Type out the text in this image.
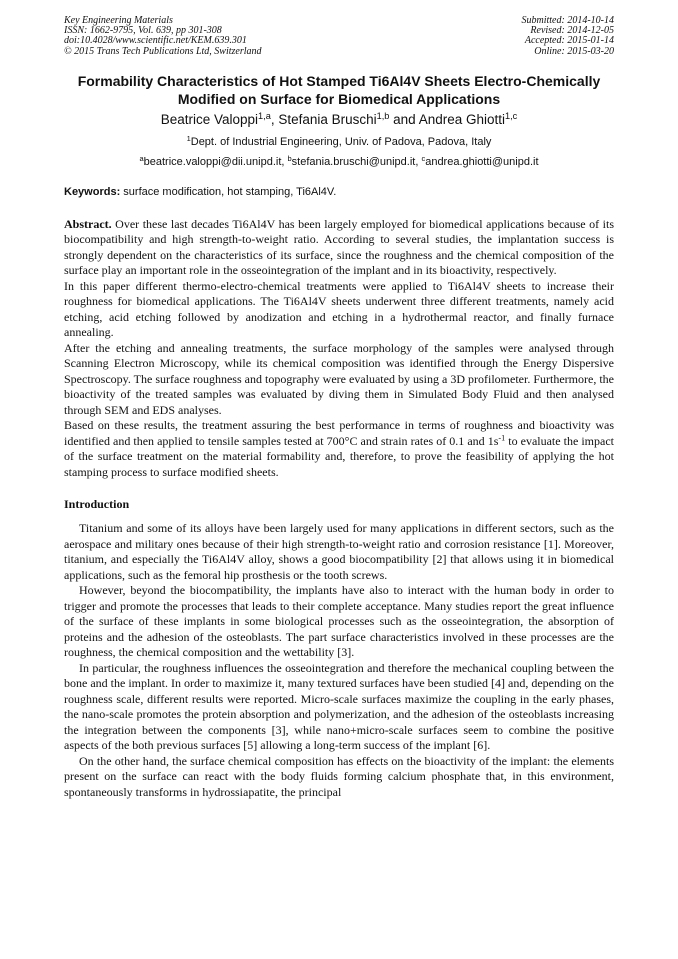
Key Engineering Materials
ISSN: 1662-9795, Vol. 639, pp 301-308
doi:10.4028/www.scientific.net/KEM.639.301
© 2015 Trans Tech Publications Ltd, Switzerland
Submitted: 2014-10-14
Revised: 2014-12-05
Accepted: 2015-01-14
Online: 2015-03-20
Formability Characteristics of Hot Stamped Ti6Al4V Sheets Electro-Chemically Modified on Surface for Biomedical Applications
Beatrice Valoppi$^{1,a}$, Stefania Bruschi$^{1,b}$ and Andrea Ghiotti$^{1,c}$
$^1$Dept. of Industrial Engineering, Univ. of Padova, Padova, Italy
$^a$beatrice.valoppi@dii.unipd.it, $^b$stefania.bruschi@unipd.it, $^c$andrea.ghiotti@unipd.it
Keywords: surface modification, hot stamping, Ti6Al4V.

Abstract. Over these last decades Ti6Al4V has been largely employed for biomedical applications because of its biocompatibility and high strength-to-weight ratio. According to several studies, the implantation success is strongly dependent on the characteristics of its surface, since the roughness and the chemical composition of the surface play an important role in the osseointegration of the implant and in its bioactivity, respectively.

In this paper different thermo-electro-chemical treatments were applied to Ti6Al4V sheets to increase their roughness for biomedical applications. The Ti6Al4V sheets underwent three different treatments, namely acid etching, acid etching followed by anodization and etching in a hydrothermal reactor, and finally furnace annealing.

After the etching and annealing treatments, the surface morphology of the samples were analysed through Scanning Electron Microscopy, while its chemical composition was identified through the Energy Dispersive Spectroscopy. The surface roughness and topography were evaluated by using a 3D profilometer. Furthermore, the bioactivity of the treated samples was evaluated by diving them in Simulated Body Fluid and then analysed through SEM and EDS analyses.

Based on these results, the treatment assuring the best performance in terms of roughness and bioactivity was identified and then applied to tensile samples tested at 700°C and strain rates of 0.1 and $1s^{-1}$ to evaluate the impact of the surface treatment on the material formability and, therefore, to prove the feasibility of applying the hot stamping process to surface modified sheets.

Introduction

Titanium and some of its alloys have been largely used for many applications in different sectors, such as the aerospace and military ones because of their high strength-to-weight ratio and corrosion resistance [1]. Moreover, titanium, and especially the Ti6Al4V alloy, shows a good biocompatibility [2] that allows using it in biomedical applications, such as the femoral hip prosthesis or the tooth screws.

However, beyond the biocompatibility, the implants have also to interact with the human body in order to trigger and promote the processes that leads to their complete acceptance. Many studies report the great influence of the surface of these implants in some biological processes such as the osseointegration, the absorption of proteins and the adhesion of the osteoblasts. The part surface characteristics involved in these processes are the roughness, the chemical composition and the wettability [3].

In particular, the roughness influences the osseointegration and therefore the mechanical coupling between the bone and the implant. In order to maximize it, many textured surfaces have been studied [4] and, depending on the roughness scale, different results were reported. Micro-scale surfaces maximize the coupling in the early phases, the nano-scale promotes the protein absorption and polymerization, and the adhesion of the osteoblasts increasing the integration between the components [3], while nano+micro-scale surfaces seem to combine the positive aspects of the both previous surfaces [5] allowing a long-term success of the implant [6].

On the other hand, the surface chemical composition has effects on the bioactivity of the implant: the elements present on the surface can react with the body fluids forming calcium phosphate that, in this environment, spontaneously transforms in hydrossiapatite, the principal
